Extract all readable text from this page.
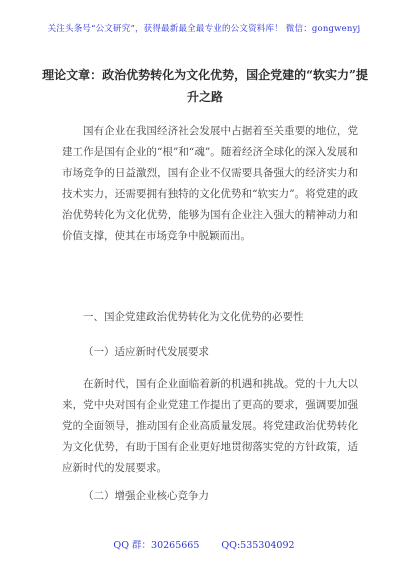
关注头条号“公文研究”，获得最新最全最专业的公文资料库！ 微信：gongwenyj
理论文章：政治优势转化为文化优势，国企党建的“软实力”提升之路
国有企业在我国经济社会发展中占据着至关重要的地位，党建工作是国有企业的“根”和“魂”。随着经济全球化的深入发展和市场竞争的日益激烈，国有企业不仅需要具备强大的经济实力和技术实力，还需要拥有独特的文化优势和“软实力”。将党建的政治优势转化为文化优势，能够为国有企业注入强大的精神动力和价值支撑，使其在市场竞争中脱颖而出。
一、国企党建政治优势转化为文化优势的必要性
（一）适应新时代发展要求
在新时代，国有企业面临着新的机遇和挑战。党的十九大以来，党中央对国有企业党建工作提出了更高的要求，强调要加强党的全面领导，推动国有企业高质量发展。将党建政治优势转化为文化优势，有助于国有企业更好地贯彻落实党的方针政策，适应新时代的发展要求。
（二）增强企业核心竞争力
QQ 群：30265665 QQ:535304092
